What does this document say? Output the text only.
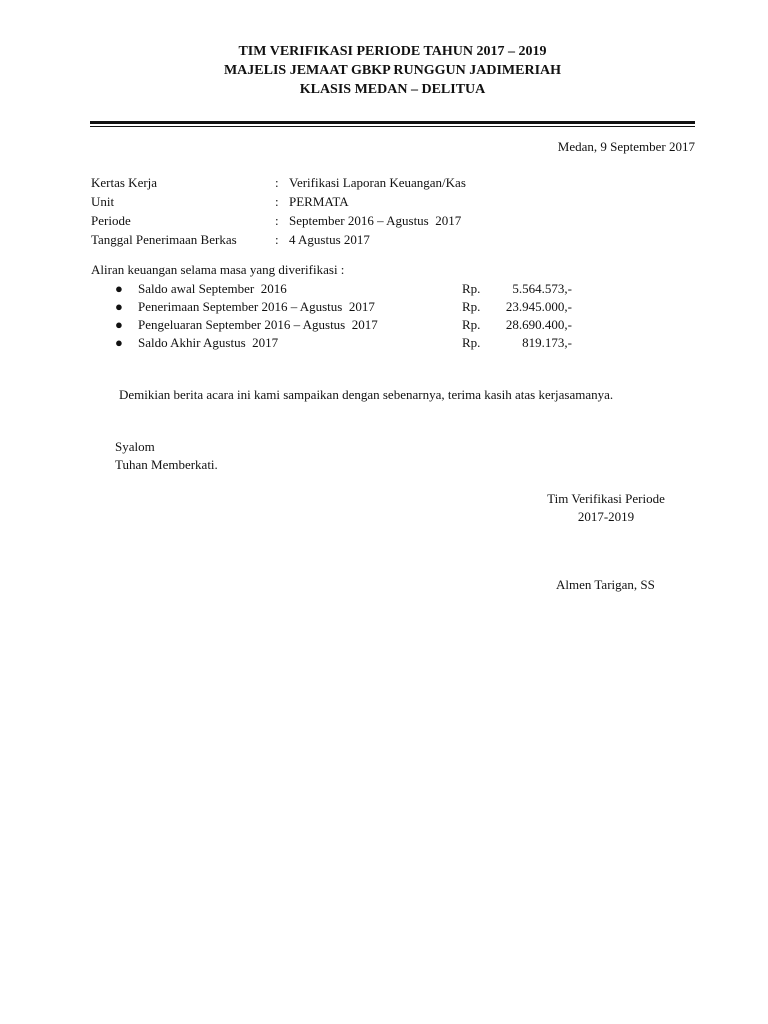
TIM VERIFIKASI PERIODE TAHUN 2017 – 2019
MAJELIS JEMAAT GBKP RUNGGUN JADIMERIAH
KLASIS MEDAN – DELITUA
Medan, 9 September 2017
Kertas Kerja	: Verifikasi Laporan Keuangan/Kas
Unit	: PERMATA
Periode	: September 2016 – Agustus  2017
Tanggal Penerimaan Berkas	: 4 Agustus 2017
Aliran keuangan selama masa yang diverifikasi :
●	Saldo awal September  2016	Rp.	5.564.573,-
●	Penerimaan September 2016 – Agustus  2017	Rp.	23.945.000,-
●	Pengeluaran September 2016 – Agustus  2017	Rp.	28.690.400,-
●	Saldo Akhir Agustus  2017	Rp.	819.173,-
Demikian berita acara ini kami sampaikan dengan sebenarnya, terima kasih atas kerjasamanya.
Syalom
Tuhan Memberkati.
Tim Verifikasi Periode
2017-2019
Almen Tarigan, SS
